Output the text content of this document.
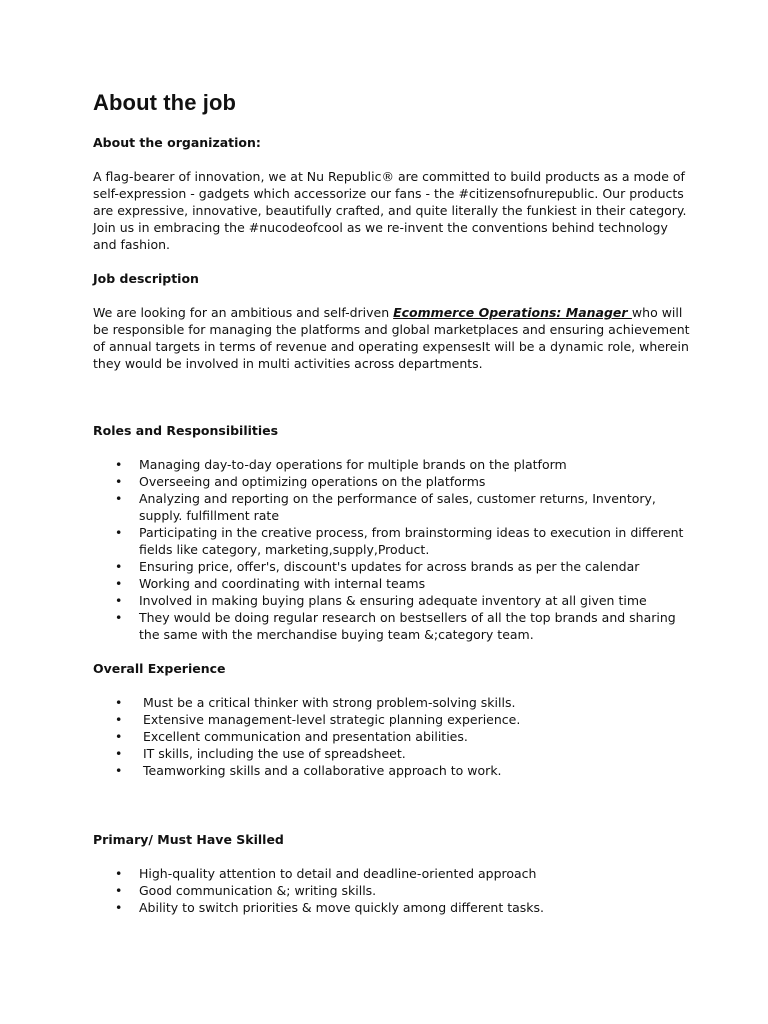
About the job
About the organization:

A flag-bearer of innovation, we at Nu Republic® are committed to build products as a mode of self-expression - gadgets which accessorize our fans - the #citizensofnurepublic. Our products are expressive, innovative, beautifully crafted, and quite literally the funkiest in their category. Join us in embracing the #nucodeofcool as we re-invent the conventions behind technology and fashion.

Job description

We are looking for an ambitious and self-driven Ecommerce Operations: Manager who will be responsible for managing the platforms and global marketplaces and ensuring achievement of annual targets in terms of revenue and operating expensesIt will be a dynamic role, wherein they would be involved in multi activities across departments.

Roles and Responsibilities
• Managing day-to-day operations for multiple brands on the platform
• Overseeing and optimizing operations on the platforms
• Analyzing and reporting on the performance of sales, customer returns, Inventory, supply. fulfillment rate
• Participating in the creative process, from brainstorming ideas to execution in different fields like category, marketing,supply,Product.
• Ensuring price, offer's, discount's updates for across brands as per the calendar
• Working and coordinating with internal teams
• Involved in making buying plans & ensuring adequate inventory at all given time
• They would be doing regular research on bestsellers of all the top brands and sharing the same with the merchandise buying team &;category team.
Overall Experience
• Must be a critical thinker with strong problem-solving skills.
• Extensive management-level strategic planning experience.
• Excellent communication and presentation abilities.
• IT skills, including the use of spreadsheet.
• Teamworking skills and a collaborative approach to work.
Primary/ Must Have Skilled
• High-quality attention to detail and deadline-oriented approach
• Good communication &; writing skills.
• Ability to switch priorities & move quickly among different tasks.
